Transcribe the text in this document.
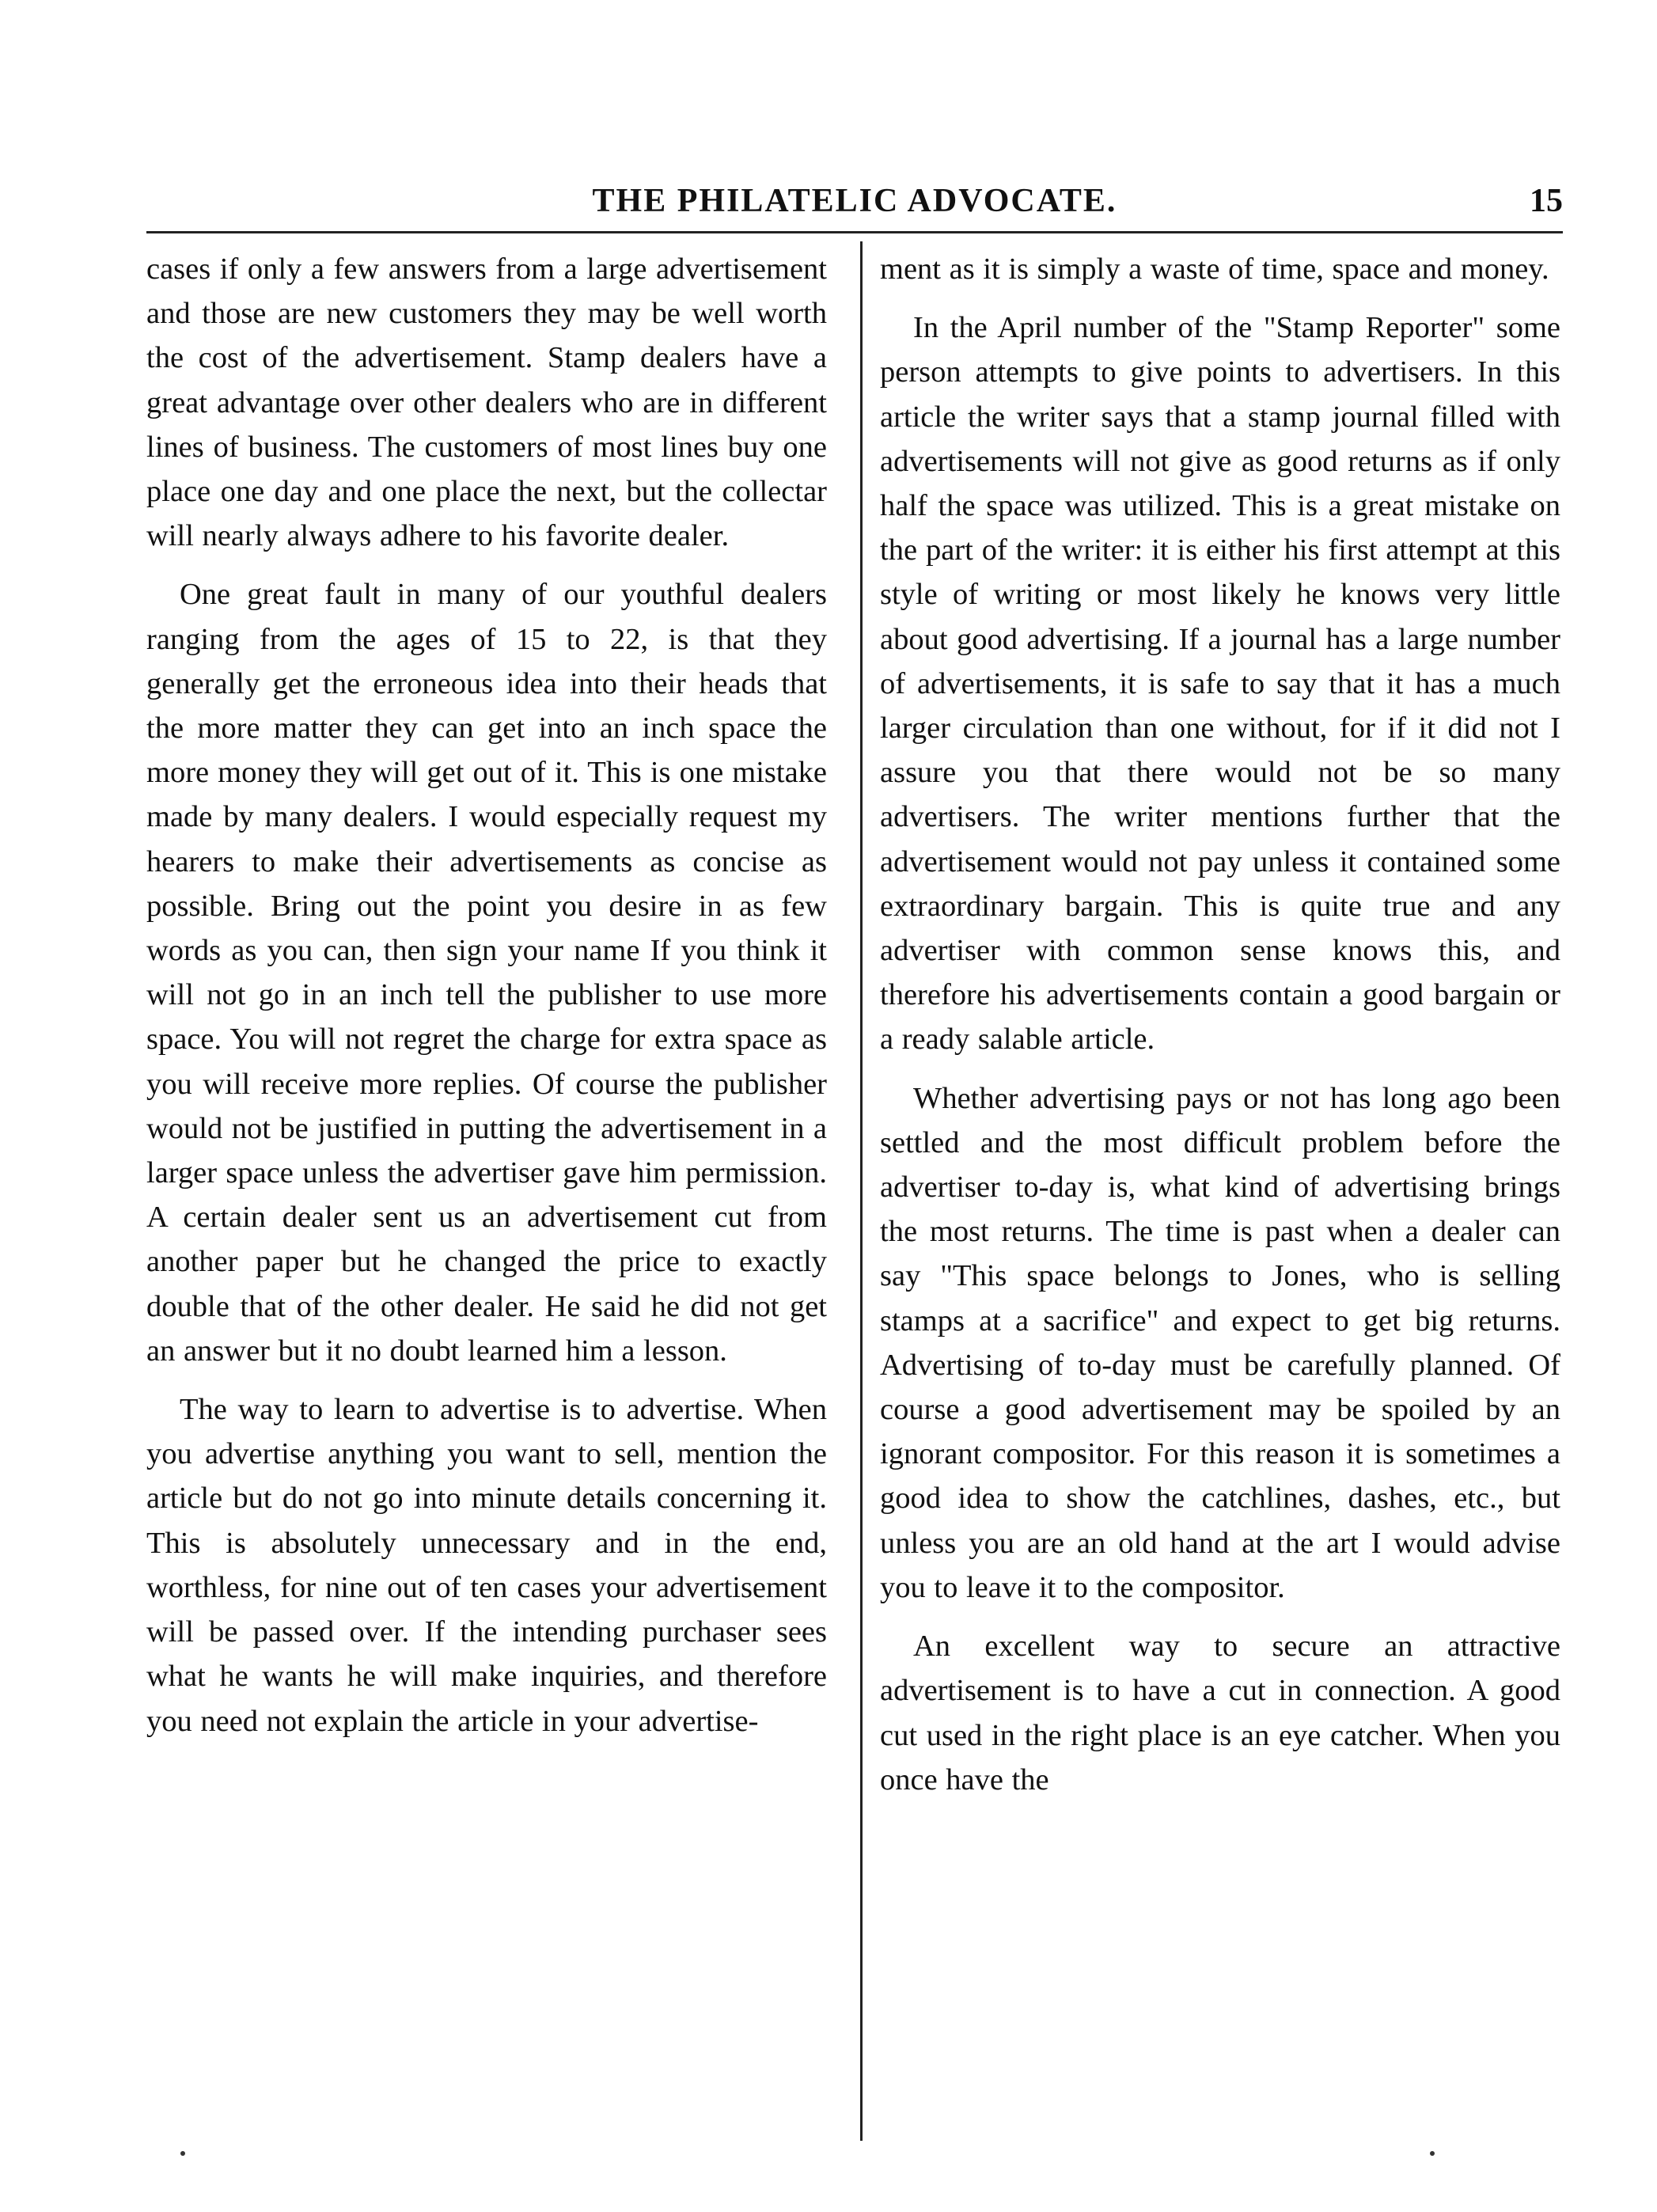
THE PHILATELIC ADVOCATE.	15

cases if only a few answers from a large advertisement and those are new customers they may be well worth the cost of the advertisement. Stamp dealers have a great advantage over other dealers who are in different lines of business. The customers of most lines buy one place one day and one place the next, but the collectar will nearly always adhere to his favorite dealer.

One great fault in many of our youthful dealers ranging from the ages of 15 to 22, is that they generally get the erroneous idea into their heads that the more matter they can get into an inch space the more money they will get out of it. This is one mistake made by many dealers. I would especially request my hearers to make their advertisements as concise as possible. Bring out the point you desire in as few words as you can, then sign your name If you think it will not go in an inch tell the publisher to use more space. You will not regret the charge for extra space as you will receive more replies. Of course the publisher would not be justified in putting the advertisement in a larger space unless the advertiser gave him permission. A certain dealer sent us an advertisement cut from another paper but he changed the price to exactly double that of the other dealer. He said he did not get an answer but it no doubt learned him a lesson.

The way to learn to advertise is to advertise. When you advertise anything you want to sell, mention the article but do not go into minute details concerning it. This is absolutely unnecessary and in the end, worthless, for nine out of ten cases your advertisement will be passed over. If the intending purchaser sees what he wants he will make inquiries, and therefore you need not explain the article in your advertise-

ment as it is simply a waste of time, space and money.

In the April number of the "Stamp Reporter" some person attempts to give points to advertisers. In this article the writer says that a stamp journal filled with advertisements will not give as good returns as if only half the space was utilized. This is a great mistake on the part of the writer: it is either his first attempt at this style of writing or most likely he knows very little about good advertising. If a journal has a large number of advertisements, it is safe to say that it has a much larger circulation than one without, for if it did not I assure you that there would not be so many advertisers. The writer mentions further that the advertisement would not pay unless it contained some extraordinary bargain. This is quite true and any advertiser with common sense knows this, and therefore his advertisements contain a good bargain or a ready salable article.

Whether advertising pays or not has long ago been settled and the most difficult problem before the advertiser to-day is, what kind of advertising brings the most returns. The time is past when a dealer can say "This space belongs to Jones, who is selling stamps at a sacrifice" and expect to get big returns. Advertising of to-day must be carefully planned. Of course a good advertisement may be spoiled by an ignorant compositor. For this reason it is sometimes a good idea to show the catchlines, dashes, etc., but unless you are an old hand at the art I would advise you to leave it to the compositor.

An excellent way to secure an attractive advertisement is to have a cut in connection. A good cut used in the right place is an eye catcher. When you once have the
